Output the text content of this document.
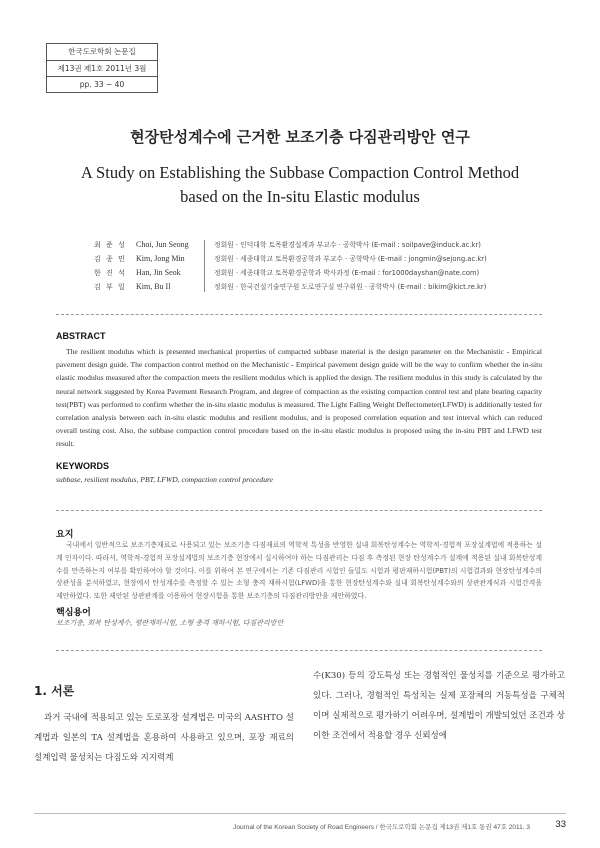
한국도로학회 논문집
제13권 제1호 2011년 3월
pp. 33 ~ 40
현장탄성계수에 근거한 보조기층 다짐관리방안 연구
A Study on Establishing the Subbase Compaction Control Method
based on the In-situ Elastic modulus
최 준 성 Choi, Jun Seong	정회원 · 인덕대학 토목환경설계과 부교수 · 공학박사 (E-mail : soilpave@induck.ac.kr)
김 종 민 Kim, Jong Min	정회원 · 세종대학교 토목환경공학과 부교수 · 공학박사 (E-mail : jongmin@sejong.ac.kr)
한 진 석 Han, Jin Seok	정회원 · 세종대학교 토목환경공학과 박사과정 (E-mail : for1000dayshan@nate.com)
김 부 일 Kim, Bu Il	정회원 · 한국건설기술연구원 도로연구실 연구위원 · 공학박사 (E-mail : bikim@kict.re.kr)
ABSTRACT

The resilient modulus which is presented mechanical properties of compacted subbase material is the design parameter on the Mechanistic - Empirical pavement design guide. The compaction control method on the Mechanistic - Empirical pavement design guide will be the way to confirm whether the in-situ elastic modulus measured after the compaction meets the resilient modulus which is applied the design. The resilient modulus in this study is calculated by the neural network suggested by Korea Pavement Research Program, and degree of compaction as the existing compaction control test and plate bearing capacity test(PBT) was performed to confirm whether the in-situ elastic modulus is measured. The Light Falling Weight Deflectometer(LFWD) is additionally tested for correlation analysis between each in-situ elastic modulus and resilient modulus, and is proposed correlation equation and test interval which can reduced overall testing cost. Also, the subbase compaction control procedure based on the in-situ elastic modulus is proposed using the in-situ PBT and LFWD test result.

KEYWORDS

subbase, resilient modulus, PBT, LFWD, compaction control procedure

요지

국내에서 일반적으로 보조기층재료로 사용되고 있는 보조기층 다짐재료의 역학적 특성을 반영한 실내 회복탄성계수는 역학적-경험적 포장설계법에 적용하는 설계 인자이다. 따라서, 역학적-경험적 포장설계법의 보조기층 현장에서 실시하여야 하는 다짐관리는 다짐 후 측정된 현장 탄성계수가 설계에 적용된 실내 회복탄성계수를 만족하는지 여부를 확인하여야 할 것이다. 이를 위하여 본 연구에서는 기존 다짐관리 시험인 들밀도 시험과 평판재하시험(PBT)의 시험결과와 현장탄성계수의 상관성을 분석하였고, 현장에서 탄성계수를 측정할 수 있는 소형 충격 재하시험(LFWD)을 통한 현장탄성계수와 실내 회복탄성계수와의 상관관계식과 시험간격을 제안하였다. 또한 제안된 상관관계를 이용하여 현장시험을 통한 보조기층의 다짐관리방안을 제안하였다.

핵심용어

보조기층, 회복 탄성계수, 평판재하시험, 소형 충격 재하시험, 다짐관리방안

1. 서론

과거 국내에 적용되고 있는 도로포장 설계법은 미국의 AASHTO 설계법과 일본의 TA 설계법을 혼용하여 사용하고 있으며, 포장 재료의 설계입력 물성치는 다짐도와 지지력계

수(K30) 등의 강도특성 또는 경험적인 물성치를 기준으로 평가하고 있다. 그러나, 경험적인 특성치는 실제 포장체의 거동특성을 구체적이며 실제적으로 평가하기 어려우며, 설계법이 개발되었던 조건과 상이한 조건에서 적용할 경우 신뢰성에

Journal of the Korean Society of Road Engineers / 한국도로학회 논문집 제13권 제1호 통권 47호 2011. 3	33
